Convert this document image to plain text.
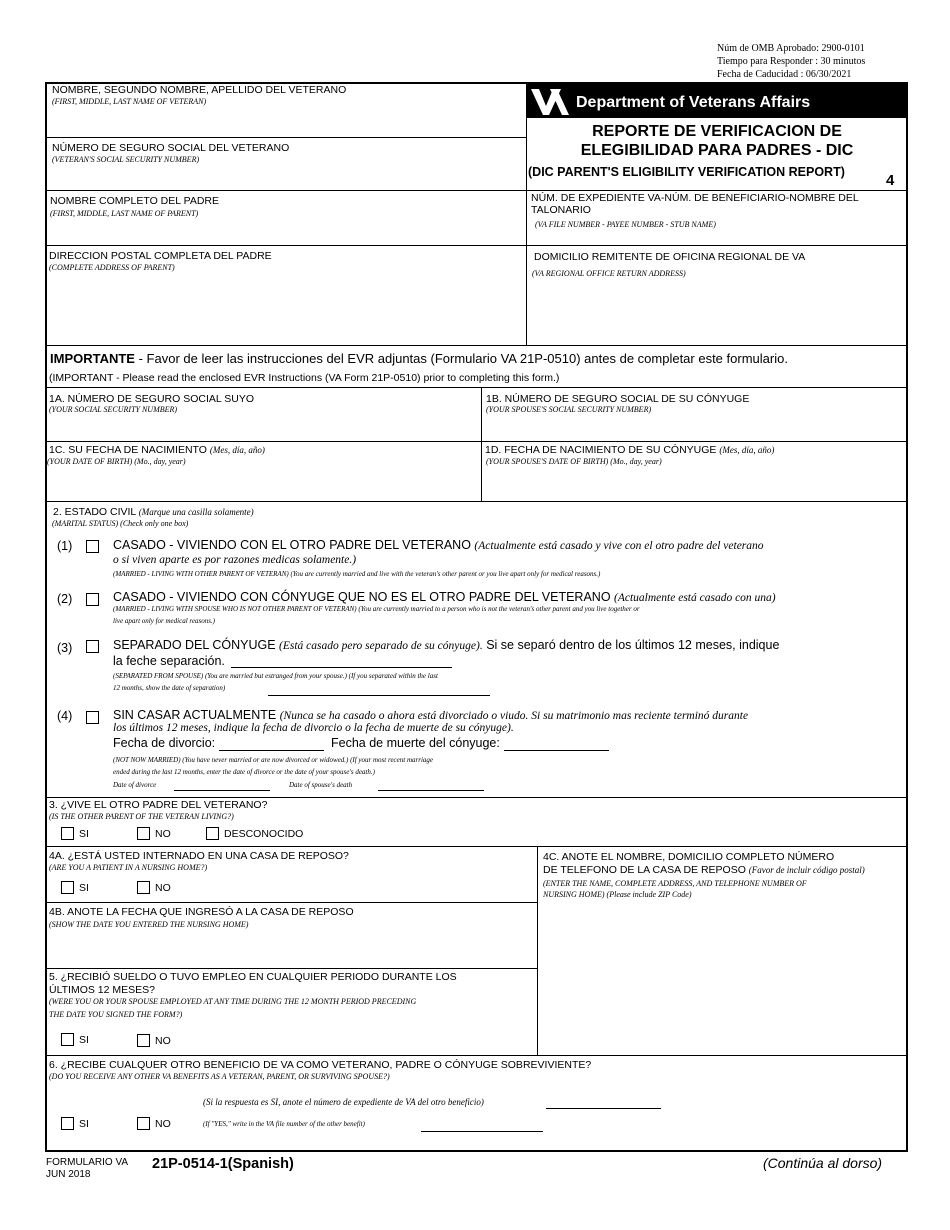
Núm de OMB Aprobado: 2900-0101
Tiempo para Responder : 30 minutos
Fecha de Caducidad : 06/30/2021
Department of Veterans Affairs
REPORTE DE VERIFICACION DE
ELEGIBILIDAD PARA PADRES - DIC
(DIC PARENT'S ELIGIBILITY VERIFICATION REPORT)	4
NOMBRE, SEGUNDO NOMBRE, APELLIDO DEL VETERANO
(FIRST, MIDDLE, LAST NAME OF VETERAN)
NÚMERO DE SEGURO SOCIAL DEL VETERANO
(VETERAN'S SOCIAL SECURITY NUMBER)
NOMBRE COMPLETO DEL PADRE
(FIRST, MIDDLE, LAST NAME OF PARENT)
NÚM. DE EXPEDIENTE VA-NÚM. DE BENEFICIARIO-NOMBRE DEL
TALONARIO
(VA FILE NUMBER - PAYEE NUMBER - STUB NAME)
DIRECCION POSTAL COMPLETA DEL PADRE
(COMPLETE ADDRESS OF PARENT)
DOMICILIO REMITENTE DE OFICINA REGIONAL DE VA
(VA REGIONAL OFFICE RETURN ADDRESS)
IMPORTANTE - Favor de leer las instrucciones del EVR adjuntas (Formulario VA 21P-0510) antes de completar este formulario.
(IMPORTANT - Please read the enclosed EVR Instructions (VA Form 21P-0510) prior to completing this form.)
1A. NÚMERO DE SEGURO SOCIAL SUYO
(YOUR SOCIAL SECURITY NUMBER)
1B. NÚMERO DE SEGURO SOCIAL DE SU CÓNYUGE
(YOUR SPOUSE'S SOCIAL SECURITY NUMBER)
1C. SU FECHA DE NACIMIENTO (Mes, día, año)
(YOUR DATE OF BIRTH) (Mo., day, year)
1D. FECHA DE NACIMIENTO DE SU CÓNYUGE (Mes, día, año)
(YOUR SPOUSE'S DATE OF BIRTH) (Mo., day, year)
2. ESTADO CIVIL (Marque una casilla solamente)
(MARITAL STATUS) (Check only one box)
(1)	CASADO - VIVIENDO CON EL OTRO PADRE DEL VETERANO (Actualmente está casado y vive con el otro padre del veterano
o si viven aparte es por razones medicas solamente.)
(MARRIED - LIVING WITH OTHER PARENT OF VETERAN) (You are currently married and live with the veteran's other parent or you live apart only for medical reasons.)
(2)	CASADO - VIVIENDO CON CÓNYUGE QUE NO ES EL OTRO PADRE DEL VETERANO (Actualmente está casado con una)
(MARRIED - LIVING WITH SPOUSE WHO IS NOT OTHER PARENT OF VETERAN) (You are currently married to a person who is not the veteran's other parent and you live together or
live apart only for medical reasons.)
(3)	SEPARADO DEL CÓNYUGE (Está casado pero separado de su cónyuge). Si se separó dentro de los últimos 12 meses, indique
la feche separación.
(SEPARATED FROM SPOUSE) (You are married but estranged from your spouse.) (If you separated within the last
12 months, show the date of separation)
(4)	SIN CASAR ACTUALMENTE (Nunca se ha casado o ahora está divorciado o viudo. Si su matrimonio mas reciente terminó durante
los últimos 12 meses, indique la fecha de divorcio o la fecha de muerte de su cónyuge).
Fecha de divorcio:	Fecha de muerte del cónyuge:
(NOT NOW MARRIED) (You have never married or are now divorced or widowed.) (If your most recent marriage
ended during the last 12 months, enter the date of divorce or the date of your spouse's death.)
Date of divorce	Date of spouse's death
3. ¿VIVE EL OTRO PADRE DEL VETERANO?
(IS THE OTHER PARENT OF THE VETERAN LIVING?)
SI	NO	DESCONOCIDO
4A. ¿ESTÁ USTED INTERNADO EN UNA CASA DE REPOSO?
(ARE YOU A PATIENT IN A NURSING HOME?)
SI	NO
4B. ANOTE LA FECHA QUE INGRESÓ A LA CASA DE REPOSO
(SHOW THE DATE YOU ENTERED THE NURSING HOME)
4C. ANOTE EL NOMBRE, DOMICILIO COMPLETO NÚMERO
DE TELEFONO DE LA CASA DE REPOSO (Favor de incluir código postal)
(ENTER THE NAME, COMPLETE ADDRESS, AND TELEPHONE NUMBER OF
NURSING HOME) (Please include ZIP Code)
5. ¿RECIBIÓ SUELDO O TUVO EMPLEO EN CUALQUIER PERIODO DURANTE LOS
ÚLTIMOS 12 MESES?
(WERE YOU OR YOUR SPOUSE EMPLOYED AT ANY TIME DURING THE 12 MONTH PERIOD PRECEDING
THE DATE YOU SIGNED THE FORM?)
SI	NO
6. ¿RECIBE CUALQUER OTRO BENEFICIO DE VA COMO VETERANO, PADRE O CÓNYUGE SOBREVIVIENTE?
(DO YOU RECEIVE ANY OTHER VA BENEFITS AS A VETERAN, PARENT, OR SURVIVING SPOUSE?)
(Si la respuesta es SI, anote el número de expediente de VA del otro beneficio)
SI	NO	(If "YES," write in the VA file number of the other benefit)
FORMULARIO VA
JUN 2018
21P-0514-1(Spanish)	(Continúa al dorso)
